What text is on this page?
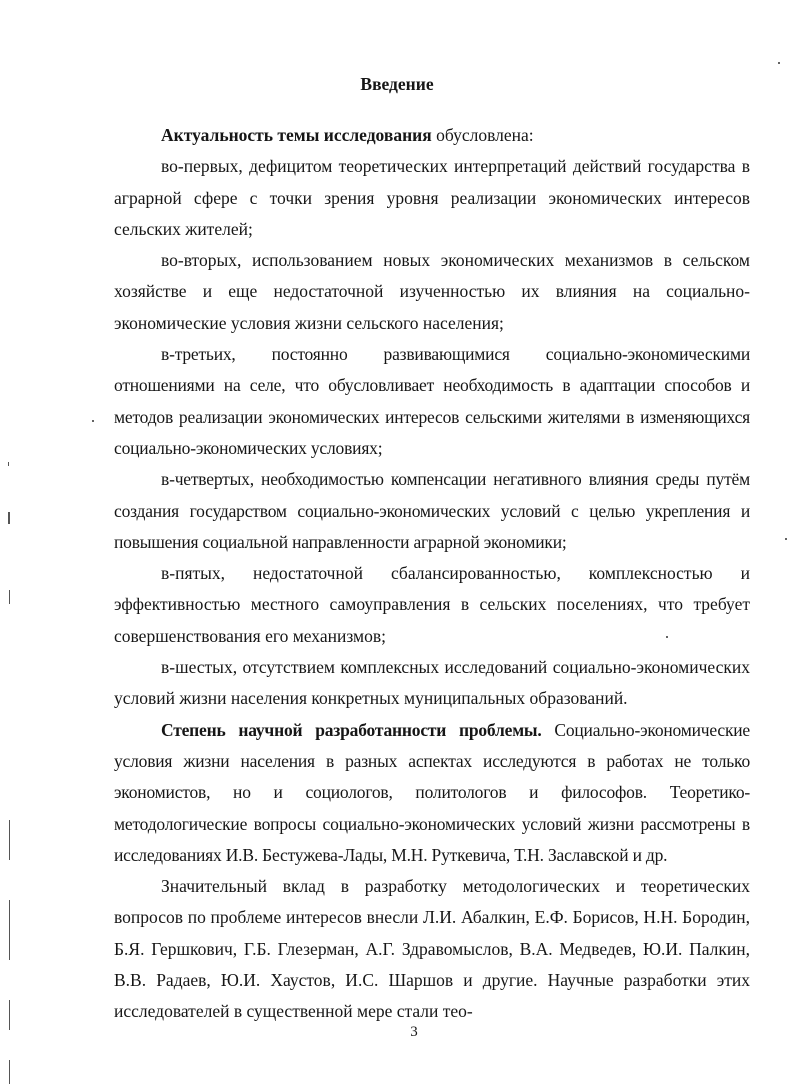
Введение

Актуальность темы исследования обусловлена:

во-первых, дефицитом теоретических интерпретаций действий государства в аграрной сфере с точки зрения уровня реализации экономических интересов сельских жителей;

во-вторых, использованием новых экономических механизмов в сельском хозяйстве и еще недостаточной изученностью их влияния на социально-экономические условия жизни сельского населения;

в-третьих, постоянно развивающимися социально-экономическими отношениями на селе, что обусловливает необходимость в адаптации способов и методов реализации экономических интересов сельскими жителями в изменяющихся социально-экономических условиях;

в-четвертых, необходимостью компенсации негативного влияния среды путём создания государством социально-экономических условий с целью укрепления и повышения социальной направленности аграрной экономики;

в-пятых, недостаточной сбалансированностью, комплексностью и эффективностью местного самоуправления в сельских поселениях, что требует совершенствования его механизмов;

в-шестых, отсутствием комплексных исследований социально-экономических условий жизни населения конкретных муниципальных образований.

Степень научной разработанности проблемы. Социально-экономические условия жизни населения в разных аспектах исследуются в работах не только экономистов, но и социологов, политологов и философов. Теоретико-методологические вопросы социально-экономических условий жизни рассмотрены в исследованиях И.В. Бестужева-Лады, М.Н. Руткевича, Т.Н. Заславской и др.

Значительный вклад в разработку методологических и теоретических вопросов по проблеме интересов внесли Л.И. Абалкин, Е.Ф. Борисов, Н.Н. Бородин, Б.Я. Гершкович, Г.Б. Глезерман, А.Г. Здравомыслов, В.А. Медведев, Ю.И. Палкин, В.В. Радаев, Ю.И. Хаустов, И.С. Шаршов и другие. Научные разработки этих исследователей в существенной мере стали тео-

3
